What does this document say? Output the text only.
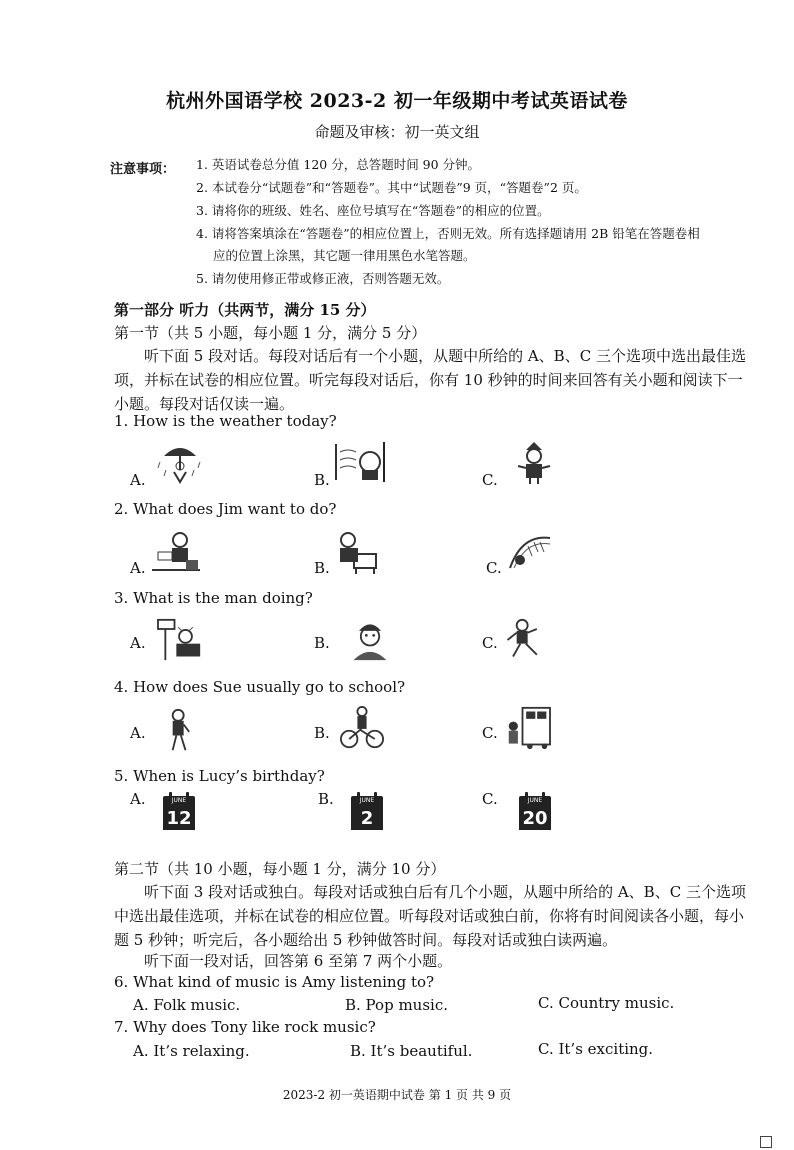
杭州外国语学校 2023-2 初一年级期中考试英语试卷
命题及审核：初一英文组
注意事项： 1. 英语试卷总分值 120 分，总答题时间 90 分钟。
2. 本试卷分“试题卷”和“答题卷”。其中“试题卷”9 页，“答題卷”2 页。
3. 请将你的班级、姓名、座位号填写在“答题卷”的相应的位置。
4. 请将答案填涂在“答题卷”的相应位置上，否则无效。所有选择题请用 2B 铅笔在答题卷相
应的位置上涂黑，其它题一律用黑色水笔答题。
5. 请勿使用修正带或修正液，否则答题无效。
第一部分 听力（共两节，满分 15 分）
第一节（共 5 小题，每小题 1 分，满分 5 分）
听下面 5 段对话。每段对话后有一个小题，从题中所给的 A、B、C 三个选项中选出最佳选项，并标在试卷的相应位置。听完每段对话后，你有 10 秒钟的时间来回答有关小题和阅读下一小题。每段对话仅读一遍。
1. How is the weather today?
A.	B.	C.
2. What does Jim want to do?
A.	B.	C.
3. What is the man doing?
A.	B.	C.
4. How does Sue usually go to school?
A.	B.	C.
5. When is Lucy’s birthday?
A.	B.	C.
JUNE
12
JUNE
2
JUNE
20
第二节（共 10 小题，每小题 1 分，满分 10 分）
听下面 3 段对话或独白。每段对话或独白后有几个小题，从题中所给的 A、B、C 三个选项中选出最佳选项，并标在试卷的相应位置。听每段对话或独白前，你将有时间阅读各小题，每小题 5 秒钟；听完后，各小题给出 5 秒钟做答时间。每段对话或独白读两遍。
听下面一段对话，回答第 6 至第 7 两个小题。
6. What kind of music is Amy listening to?
A. Folk music.	B. Pop music.	C. Country music.
7. Why does Tony like rock music?
A. It’s relaxing.	B. It’s beautiful.	C. It’s exciting.
2023-2 初一英语期中试卷 第 1 页 共 9 页
